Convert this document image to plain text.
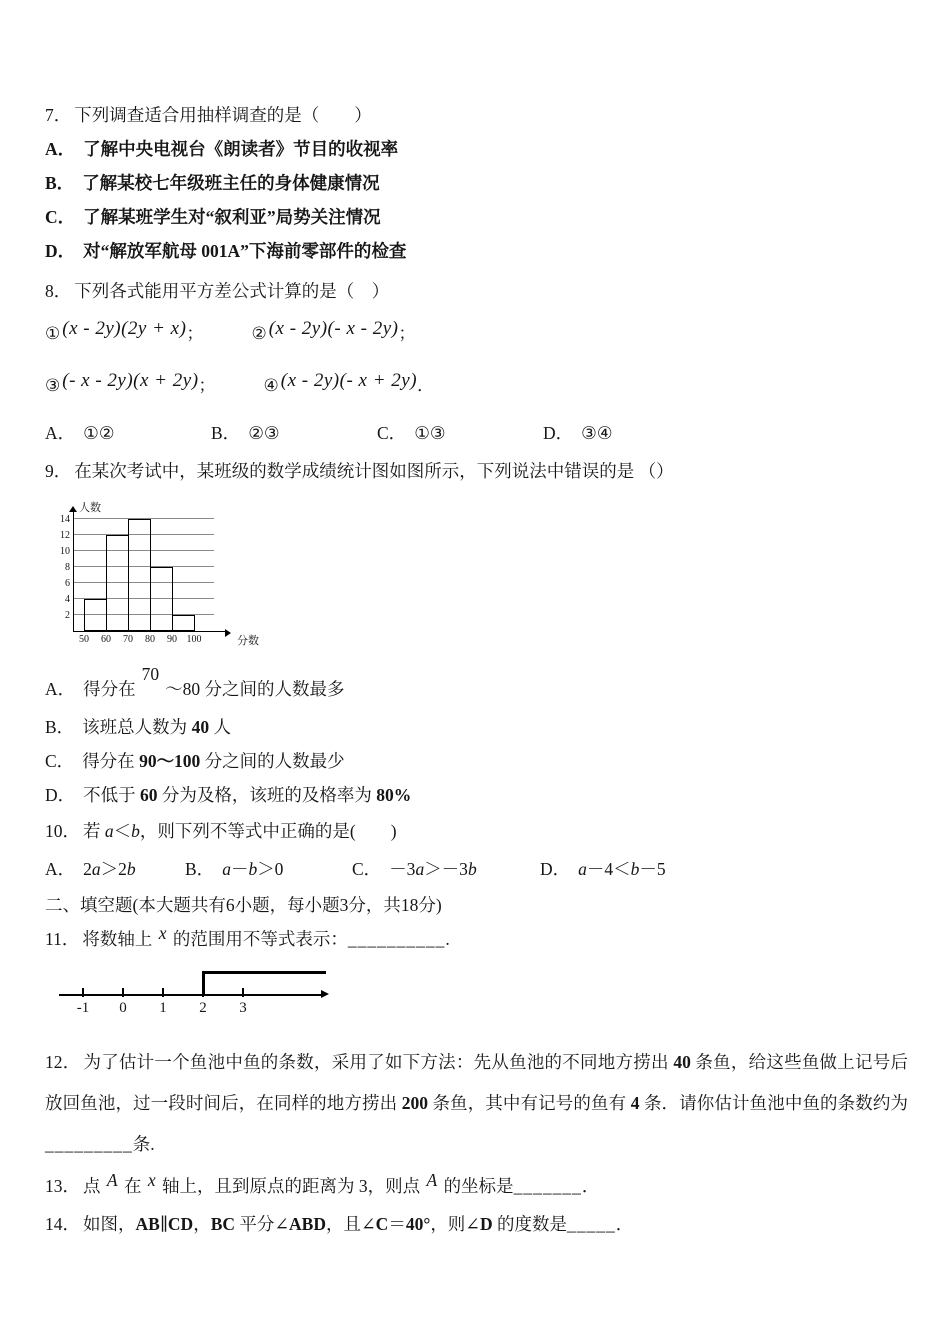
7． 下列调查适合用抽样调查的是（　　）
A． 了解中央电视台《朗读者》节目的收视率
B． 了解某校七年级班主任的身体健康情况
C． 了解某班学生对“叙利亚”局势关注情况
D． 对“解放军航母 001A”下海前零部件的检查
8． 下列各式能用平方差公式计算的是（　）
① (x - 2y)(2y + x)；	② (x - 2y)(- x - 2y)；
③ (- x - 2y)(x + 2y)；	④ (x - 2y)(- x + 2y)．
A． ①②	B． ②③	C． ①③	D． ③④
9． 在某次考试中，某班级的数学成绩统计图如图所示，下列说法中错误的是 （）
人数
2
4
6
8
10
12
14
50 60 70 80 90 100	分数
A． 得分在70～80 分之间的人数最多
B． 该班总人数为 40 人
C． 得分在 90～100 分之间的人数最少
D． 不低于 60 分为及格，该班的及格率为 80%
10． 若 a＜b，则下列不等式中正确的是(　　)
A． 2a＞2b	B． a－b＞0	C． －3a＞－3b	D． a－4＜b－5
二、填空题(本大题共有6小题，每小题3分，共18分)
11． 将数轴上 x 的范围用不等式表示：__________.
-1 0 1 2 3
12． 为了估计一个鱼池中鱼的条数，采用了如下方法：先从鱼池的不同地方捞出 40 条鱼，给这些鱼做上记号后放回鱼池，过一段时间后，在同样的地方捞出 200 条鱼，其中有记号的鱼有 4 条．请你估计鱼池中鱼的条数约为_________条.
13． 点 A 在 x 轴上，且到原点的距离为 3，则点 A 的坐标是_______．
14． 如图，AB∥CD，BC 平分∠ABD，且∠C＝40°，则∠D 的度数是_____．
